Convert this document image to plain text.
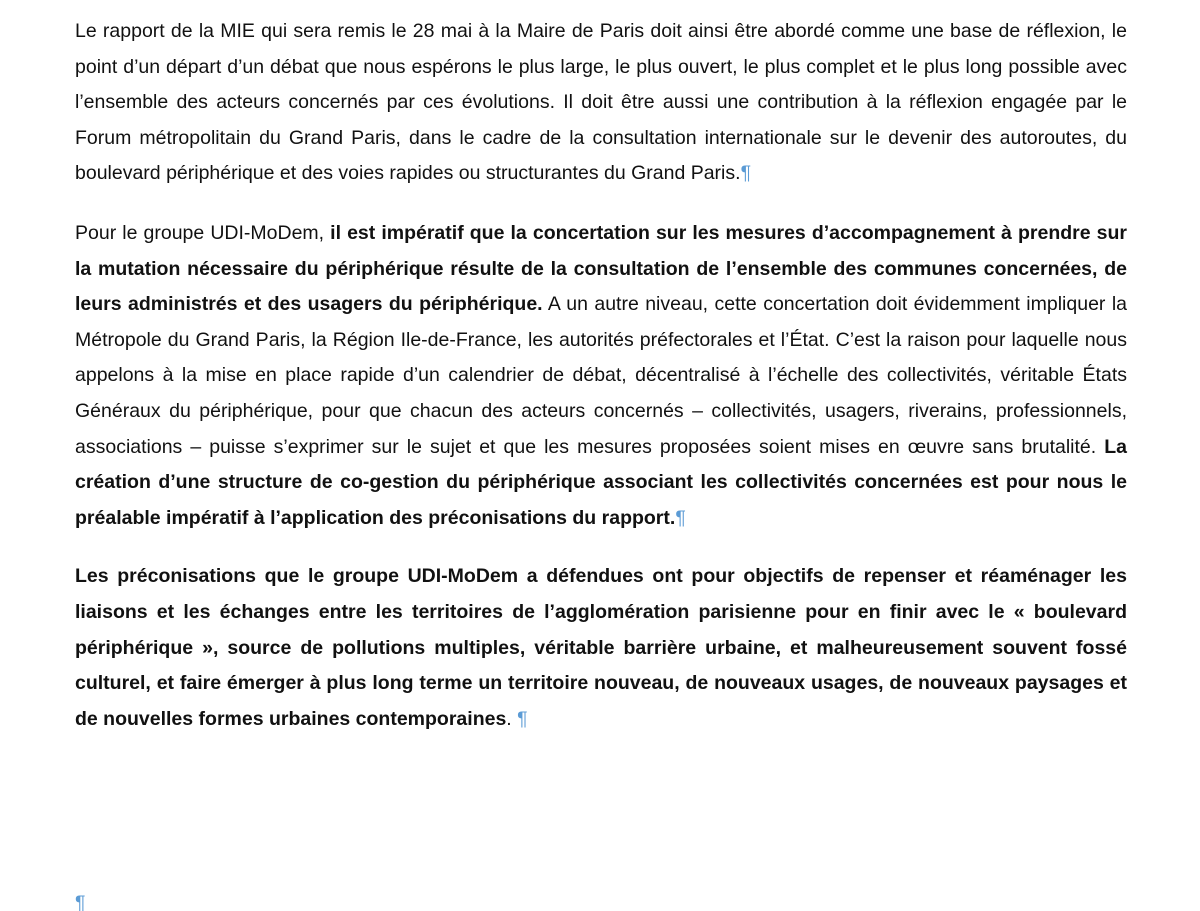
Le rapport de la MIE qui sera remis le 28 mai à la Maire de Paris doit ainsi être abordé comme une base de réflexion, le point d’un départ d’un débat que nous espérons le plus large, le plus ouvert, le plus complet et le plus long possible avec l’ensemble des acteurs concernés par ces évolutions. Il doit être aussi une contribution à la réflexion engagée par le Forum métropolitain du Grand Paris, dans le cadre de la consultation internationale sur le devenir des autoroutes, du boulevard périphérique et des voies rapides ou structurantes du Grand Paris.¶

Pour le groupe UDI-MoDem, il est impératif que la concertation sur les mesures d’accompagnement à prendre sur la mutation nécessaire du périphérique résulte de la consultation de l’ensemble des communes concernées, de leurs administrés et des usagers du périphérique. A un autre niveau, cette concertation doit évidemment impliquer la Métropole du Grand Paris, la Région Ile-de-France, les autorités préfectorales et l’État. C’est la raison pour laquelle nous appelons à la mise en place rapide d’un calendrier de débat, décentralisé à l’échelle des collectivités, véritable États Généraux du périphérique, pour que chacun des acteurs concernés – collectivités, usagers, riverains, professionnels, associations – puisse s’exprimer sur le sujet et que les mesures proposées soient mises en œuvre sans brutalité. La création d’une structure de co-gestion du périphérique associant les collectivités concernées est pour nous le préalable impératif à l’application des préconisations du rapport.¶

Les préconisations que le groupe UDI-MoDem a défendues ont pour objectifs de repenser et réaménager les liaisons et les échanges entre les territoires de l’agglomération parisienne pour en finir avec le « boulevard périphérique », source de pollutions multiples, véritable barrière urbaine, et malheureusement souvent fossé culturel, et faire émerger à plus long terme un territoire nouveau, de nouveaux usages, de nouveaux paysages et de nouvelles formes urbaines contemporaines. ¶

¶
